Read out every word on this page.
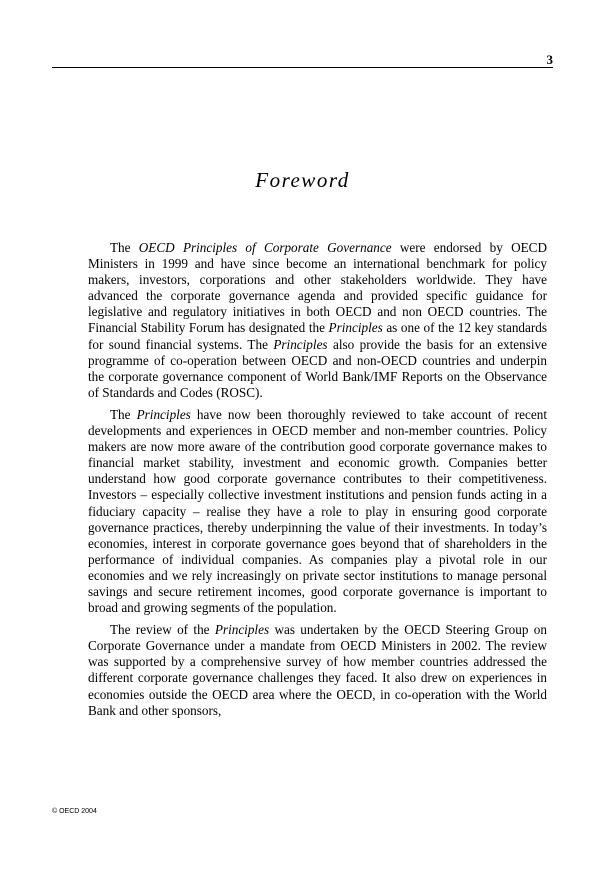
3
Foreword

The OECD Principles of Corporate Governance were endorsed by OECD Ministers in 1999 and have since become an international benchmark for policy makers, investors, corporations and other stakeholders worldwide. They have advanced the corporate governance agenda and provided specific guidance for legislative and regulatory initiatives in both OECD and non OECD countries. The Financial Stability Forum has designated the Principles as one of the 12 key standards for sound financial systems. The Principles also provide the basis for an extensive programme of co-operation between OECD and non-OECD countries and underpin the corporate governance component of World Bank/IMF Reports on the Observance of Standards and Codes (ROSC).

The Principles have now been thoroughly reviewed to take account of recent developments and experiences in OECD member and non-member countries. Policy makers are now more aware of the contribution good corporate governance makes to financial market stability, investment and economic growth. Companies better understand how good corporate governance contributes to their competitiveness. Investors – especially collective investment institutions and pension funds acting in a fiduciary capacity – realise they have a role to play in ensuring good corporate governance practices, thereby underpinning the value of their investments. In today’s economies, interest in corporate governance goes beyond that of shareholders in the performance of individual companies. As companies play a pivotal role in our economies and we rely increasingly on private sector institutions to manage personal savings and secure retirement incomes, good corporate governance is important to broad and growing segments of the population.

The review of the Principles was undertaken by the OECD Steering Group on Corporate Governance under a mandate from OECD Ministers in 2002. The review was supported by a comprehensive survey of how member countries addressed the different corporate governance challenges they faced. It also drew on experiences in economies outside the OECD area where the OECD, in co-operation with the World Bank and other sponsors,

© OECD 2004
